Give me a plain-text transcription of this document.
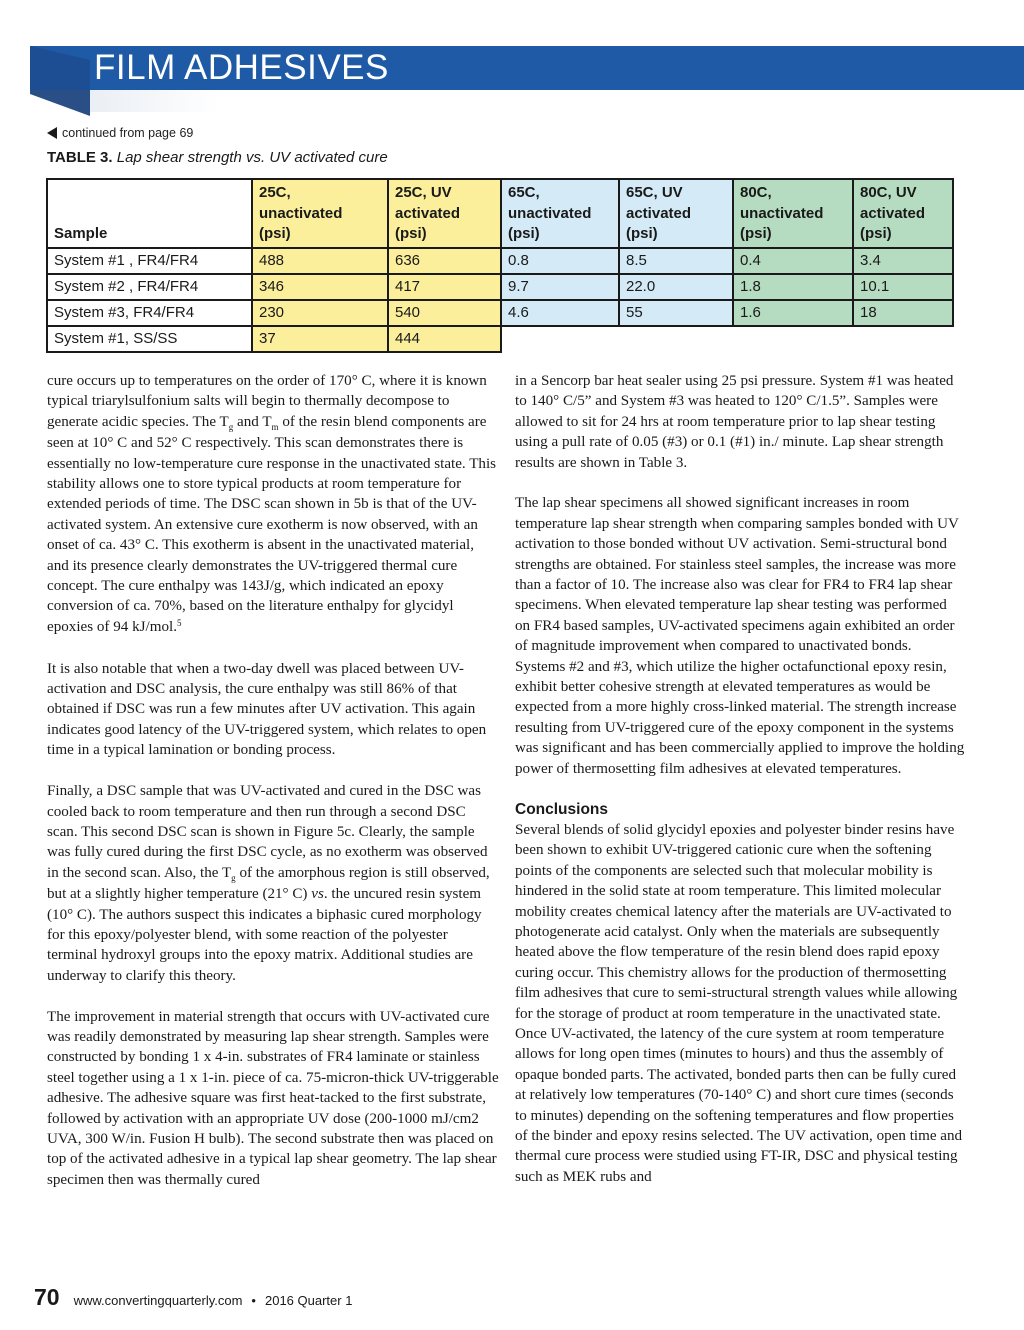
FILM ADHESIVES
continued from page 69
TABLE 3. Lap shear strength vs. UV activated cure
Sample	25C,
unactivated
(psi)	25C, UV
activated
(psi)	65C,
unactivated
(psi)	65C, UV
activated
(psi)	80C,
unactivated
(psi)	80C, UV
activated
(psi)
System #1 , FR4/FR4	488	636	0.8	8.5	0.4	3.4
System #2 , FR4/FR4	346	417	9.7	22.0	1.8	10.1
System #3, FR4/FR4	230	540	4.6	55	1.6	18
System #1, SS/SS	37	444				

cure occurs up to temperatures on the order of 170° C, where it is known typical triarylsulfonium salts will begin to thermally decompose to generate acidic species. The $T_g$ and $T_m$ of the resin blend components are seen at 10° C and 52° C respectively. This scan demonstrates there is essentially no low-temperature cure response in the unactivated state. This stability allows one to store typical products at room temperature for extended periods of time. The DSC scan shown in 5b is that of the UV-activated system. An extensive cure exotherm is now observed, with an onset of ca. 43° C. This exotherm is absent in the unactivated material, and its presence clearly demonstrates the UV-triggered thermal cure concept. The cure enthalpy was 143J/g, which indicated an epoxy conversion of ca. 70%, based on the literature enthalpy for glycidyl epoxies of 94 kJ/mol.$^5$

It is also notable that when a two-day dwell was placed between UV-activation and DSC analysis, the cure enthalpy was still 86% of that obtained if DSC was run a few minutes after UV activation. This again indicates good latency of the UV-triggered system, which relates to open time in a typical lamination or bonding process.

Finally, a DSC sample that was UV-activated and cured in the DSC was cooled back to room temperature and then run through a second DSC scan. This second DSC scan is shown in Figure 5c. Clearly, the sample was fully cured during the first DSC cycle, as no exotherm was observed in the second scan. Also, the $T_g$ of the amorphous region is still observed, but at a slightly higher temperature (21° C) vs. the uncured resin system (10° C). The authors suspect this indicates a biphasic cured morphology for this epoxy/polyester blend, with some reaction of the polyester terminal hydroxyl groups into the epoxy matrix. Additional studies are underway to clarify this theory.

The improvement in material strength that occurs with UV-activated cure was readily demonstrated by measuring lap shear strength. Samples were constructed by bonding 1 x 4-in. substrates of FR4 laminate or stainless steel together using a 1 x 1-in. piece of ca. 75-micron-thick UV-triggerable adhesive. The adhesive square was first heat-tacked to the first substrate, followed by activation with an appropriate UV dose (200-1000 mJ/cm2 UVA, 300 W/in. Fusion H bulb). The second substrate then was placed on top of the activated adhesive in a typical lap shear geometry. The lap shear specimen then was thermally cured

in a Sencorp bar heat sealer using 25 psi pressure. System #1 was heated to 140° C/5” and System #3 was heated to 120° C/1.5”. Samples were allowed to sit for 24 hrs at room temperature prior to lap shear testing using a pull rate of 0.05 (#3) or 0.1 (#1) in./ minute. Lap shear strength results are shown in Table 3.

The lap shear specimens all showed significant increases in room temperature lap shear strength when comparing samples bonded with UV activation to those bonded without UV activation. Semi-structural bond strengths are obtained. For stainless steel samples, the increase was more than a factor of 10. The increase also was clear for FR4 to FR4 lap shear specimens. When elevated temperature lap shear testing was performed on FR4 based samples, UV-activated specimens again exhibited an order of magnitude improvement when compared to unactivated bonds. Systems #2 and #3, which utilize the higher octafunctional epoxy resin, exhibit better cohesive strength at elevated temperatures as would be expected from a more highly cross-linked material. The strength increase resulting from UV-triggered cure of the epoxy component in the systems was significant and has been commercially applied to improve the holding power of thermosetting film adhesives at elevated temperatures.

Conclusions

Several blends of solid glycidyl epoxies and polyester binder resins have been shown to exhibit UV-triggered cationic cure when the softening points of the components are selected such that molecular mobility is hindered in the solid state at room temperature. This limited molecular mobility creates chemical latency after the materials are UV-activated to photogenerate acid catalyst. Only when the materials are subsequently heated above the flow temperature of the resin blend does rapid epoxy curing occur. This chemistry allows for the production of thermosetting film adhesives that cure to semi-structural strength values while allowing for the storage of product at room temperature in the unactivated state. Once UV-activated, the latency of the cure system at room temperature allows for long open times (minutes to hours) and thus the assembly of opaque bonded parts. The activated, bonded parts then can be fully cured at relatively low temperatures (70-140° C) and short cure times (seconds to minutes) depending on the softening temperatures and flow properties of the binder and epoxy resins selected. The UV activation, open time and thermal cure process were studied using FT-IR, DSC and physical testing such as MEK rubs and

70 www.convertingquarterly.com • 2016 Quarter 1
